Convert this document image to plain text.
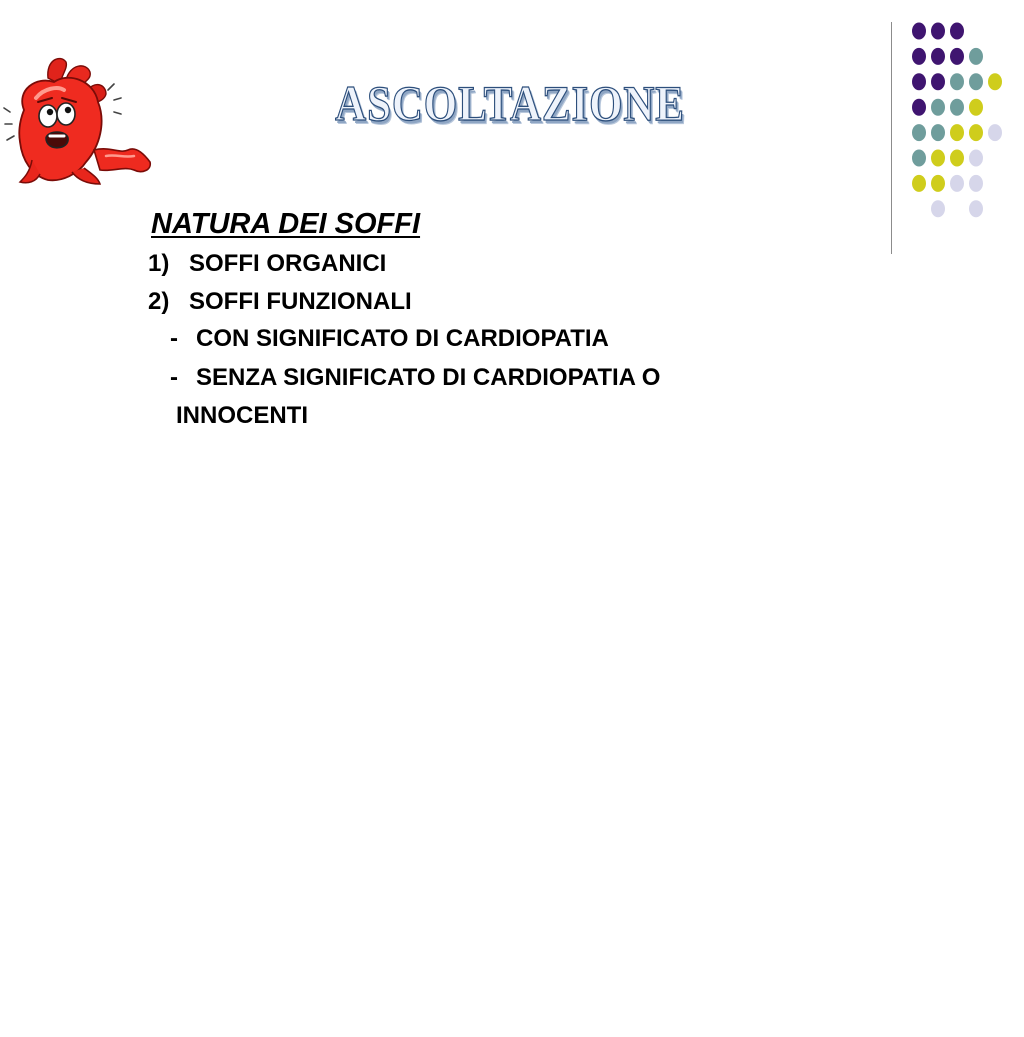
ASCOLTAZIONE
NATURA DEI SOFFI
1) SOFFI ORGANICI
2) SOFFI FUNZIONALI
- CON SIGNIFICATO DI CARDIOPATIA
- SENZA SIGNIFICATO DI CARDIOPATIA O
INNOCENTI
